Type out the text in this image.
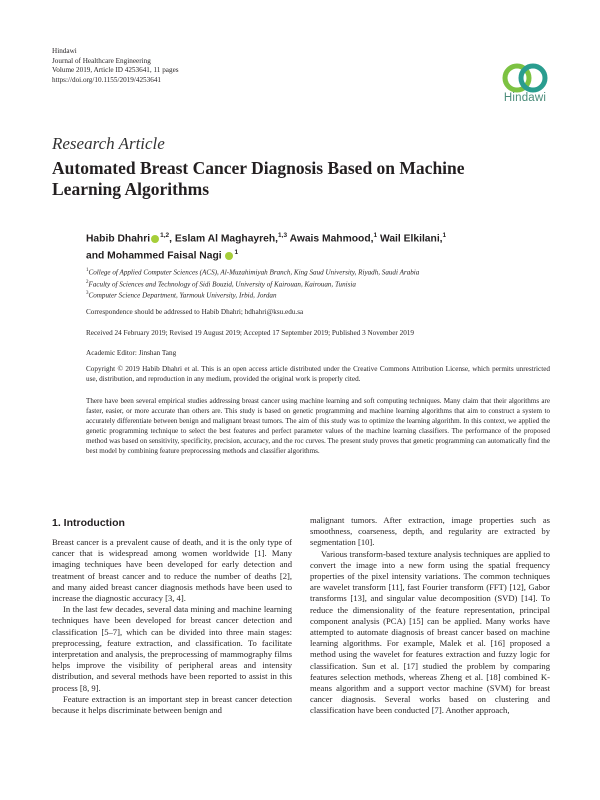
Hindawi
Journal of Healthcare Engineering
Volume 2019, Article ID 4253641, 11 pages
https://doi.org/10.1155/2019/4253641
Hindawi
Research Article
Automated Breast Cancer Diagnosis Based on Machine Learning Algorithms
Habib Dhahri $^{1,2}$, Eslam Al Maghayreh,$^{1,3}$ Awais Mahmood,$^1$ Wail Elkilani,$^1$
and Mohammed Faisal Nagi $^1$
$^1$College of Applied Computer Sciences (ACS), Al-Muzahimiyah Branch, King Saud University, Riyadh, Saudi Arabia
$^2$Faculty of Sciences and Technology of Sidi Bouzid, University of Kairouan, Kairouan, Tunisia
$^3$Computer Science Department, Yarmouk University, Irbid, Jordan
Correspondence should be addressed to Habib Dhahri; hdhahri@ksu.edu.sa
Received 24 February 2019; Revised 19 August 2019; Accepted 17 September 2019; Published 3 November 2019
Academic Editor: Jinshan Tang
Copyright © 2019 Habib Dhahri et al. This is an open access article distributed under the Creative Commons Attribution License, which permits unrestricted use, distribution, and reproduction in any medium, provided the original work is properly cited.
There have been several empirical studies addressing breast cancer using machine learning and soft computing techniques. Many claim that their algorithms are faster, easier, or more accurate than others are. This study is based on genetic programming and machine learning algorithms that aim to construct a system to accurately differentiate between benign and malignant breast tumors. The aim of this study was to optimize the learning algorithm. In this context, we applied the genetic programming technique to select the best features and perfect parameter values of the machine learning classifiers. The performance of the proposed method was based on sensitivity, specificity, precision, accuracy, and the roc curves. The present study proves that genetic programming can automatically find the best model by combining feature preprocessing methods and classifier algorithms.
1. Introduction

Breast cancer is a prevalent cause of death, and it is the only type of cancer that is widespread among women worldwide [1]. Many imaging techniques have been developed for early detection and treatment of breast cancer and to reduce the number of deaths [2], and many aided breast cancer diagnosis methods have been used to increase the diagnostic accuracy [3, 4].

In the last few decades, several data mining and machine learning techniques have been developed for breast cancer detection and classification [5–7], which can be divided into three main stages: preprocessing, feature extraction, and classification. To facilitate interpretation and analysis, the preprocessing of mammography films helps improve the visibility of peripheral areas and intensity distribution, and several methods have been reported to assist in this process [8, 9].

Feature extraction is an important step in breast cancer detection because it helps discriminate between benign and

malignant tumors. After extraction, image properties such as smoothness, coarseness, depth, and regularity are extracted by segmentation [10].

Various transform-based texture analysis techniques are applied to convert the image into a new form using the spatial frequency properties of the pixel intensity variations. The common techniques are wavelet transform [11], fast Fourier transform (FFT) [12], Gabor transforms [13], and singular value decomposition (SVD) [14]. To reduce the dimensionality of the feature representation, principal component analysis (PCA) [15] can be applied. Many works have attempted to automate diagnosis of breast cancer based on machine learning algorithms. For example, Malek et al. [16] proposed a method using the wavelet for features extraction and fuzzy logic for classification. Sun et al. [17] studied the problem by comparing features selection methods, whereas Zheng et al. [18] combined K-means algorithm and a support vector machine (SVM) for breast cancer diagnosis. Several works based on clustering and classification have been conducted [7]. Another approach,
